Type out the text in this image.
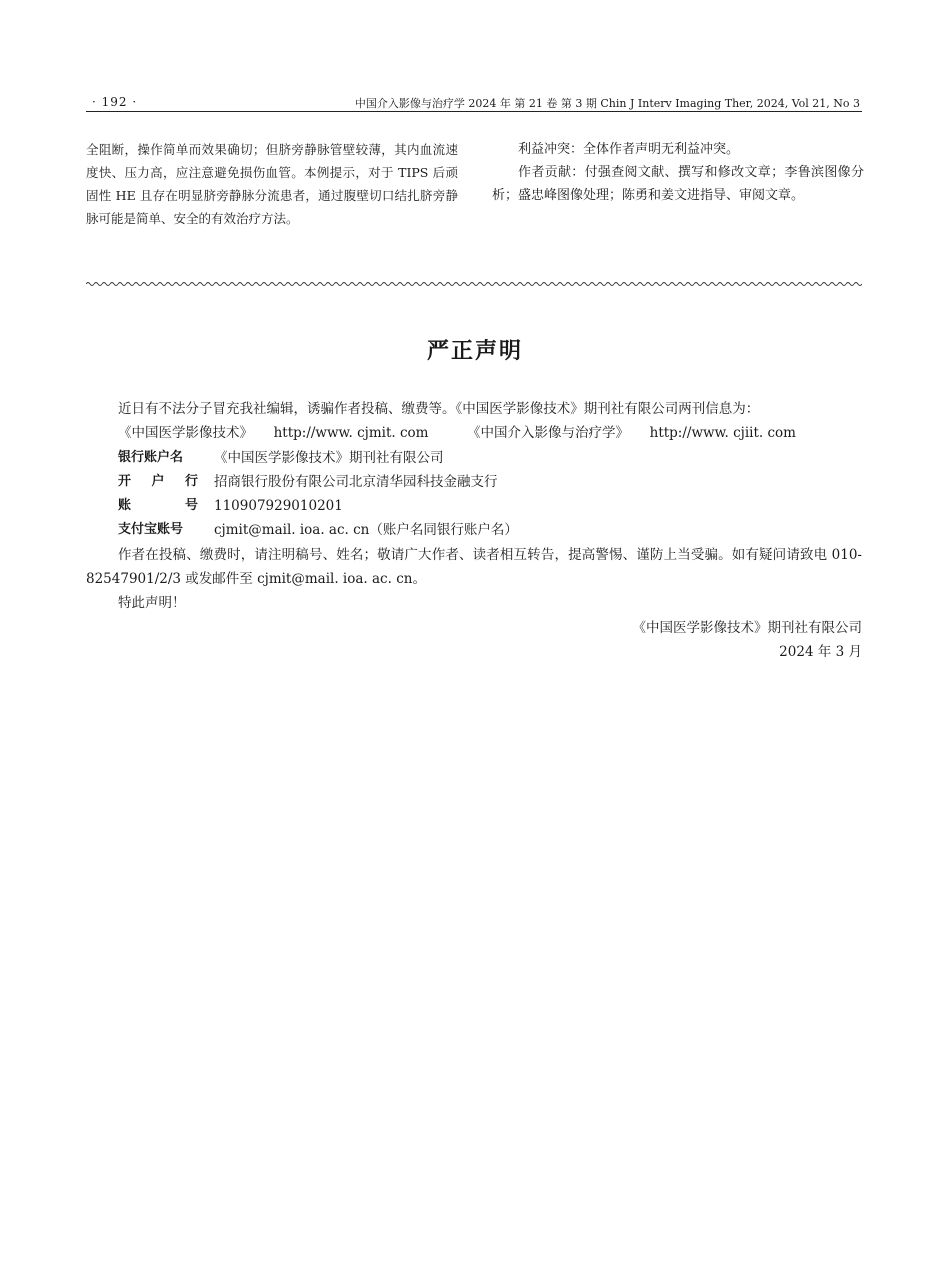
· 192 ·	中国介入影像与治疗学 2024 年 第 21 卷 第 3 期 Chin J Interv Imaging Ther, 2024, Vol 21, No 3

全阻断，操作简单而效果确切；但脐旁静脉管壁较薄，其内血流速度快、压力高，应注意避免损伤血管。本例提示，对于 TIPS 后顽固性 HE 且存在明显脐旁静脉分流患者，通过腹壁切口结扎脐旁静脉可能是简单、安全的有效治疗方法。

利益冲突：全体作者声明无利益冲突。

作者贡献：付强查阅文献、撰写和修改文章；李鲁滨图像分析；盛忠峰图像处理；陈勇和姜文进指导、审阅文章。

严正声明

近日有不法分子冒充我社编辑，诱骗作者投稿、缴费等。《中国医学影像技术》期刊社有限公司两刊信息为：

《中国医学影像技术》 http://www. cjmit. com	《中国介入影像与治疗学》 http://www. cjiit. com

银行账户名	《中国医学影像技术》期刊社有限公司
开 户 行 招商银行股份有限公司北京清华园科技金融支行
账	号 110907929010201
支付宝账号	cjmit@mail. ioa. ac. cn（账户名同银行账户名）

作者在投稿、缴费时，请注明稿号、姓名；敬请广大作者、读者相互转告，提高警惕、谨防上当受骗。如有疑问请致电 010-82547901/2/3 或发邮件至 cjmit@mail. ioa. ac. cn。

特此声明！

《中国医学影像技术》期刊社有限公司

2024 年 3 月
